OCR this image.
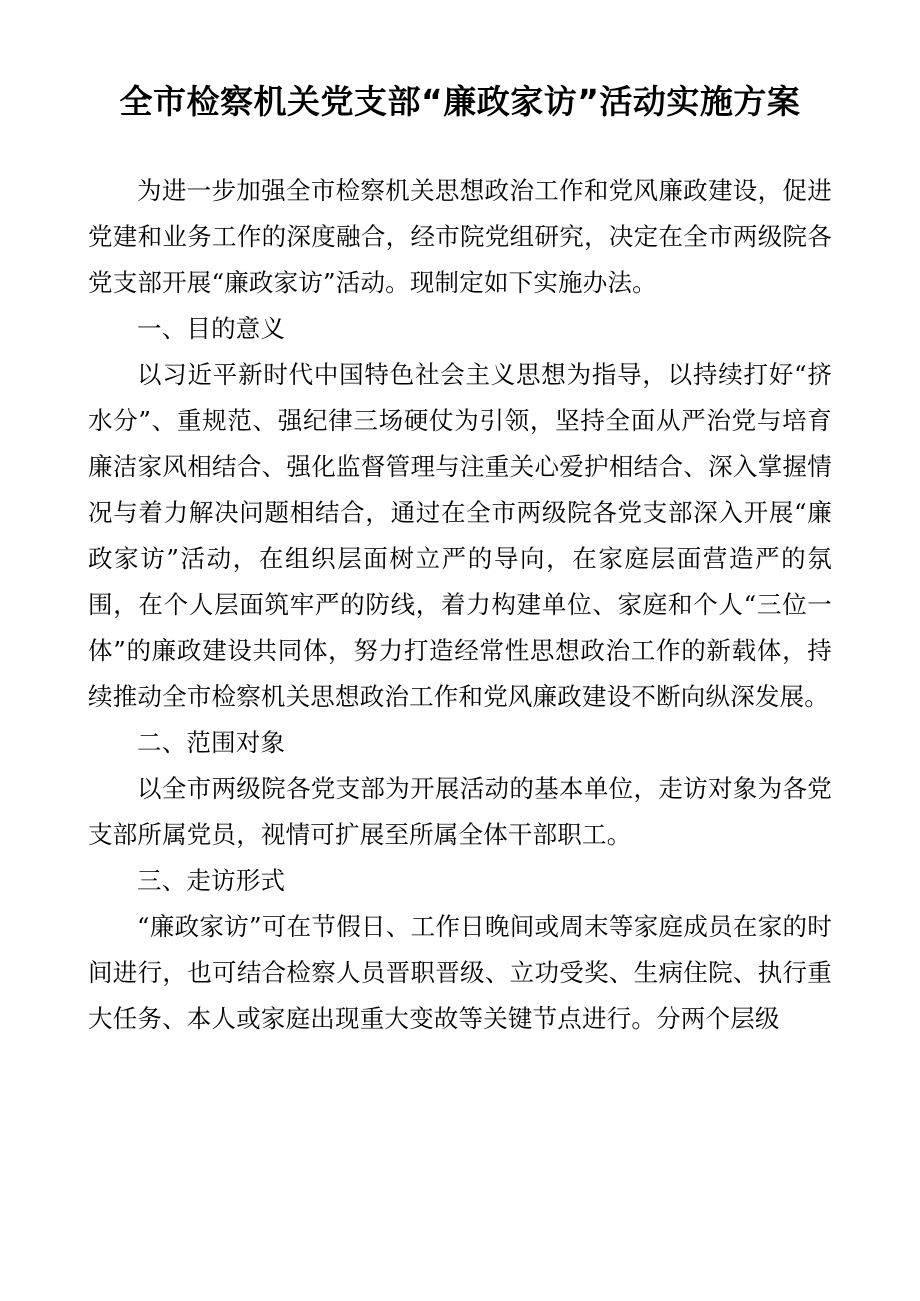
全市检察机关党支部“廉政家访”活动实施方案

为进一步加强全市检察机关思想政治工作和党风廉政建设，促进党建和业务工作的深度融合，经市院党组研究，决定在全市两级院各党支部开展“廉政家访”活动。现制定如下实施办法。

一、目的意义

以习近平新时代中国特色社会主义思想为指导，以持续打好“挤水分”、重规范、强纪律三场硬仗为引领，坚持全面从严治党与培育廉洁家风相结合、强化监督管理与注重关心爱护相结合、深入掌握情况与着力解决问题相结合，通过在全市两级院各党支部深入开展“廉政家访”活动，在组织层面树立严的导向，在家庭层面营造严的氛围，在个人层面筑牢严的防线，着力构建单位、家庭和个人“三位一体”的廉政建设共同体，努力打造经常性思想政治工作的新载体，持续推动全市检察机关思想政治工作和党风廉政建设不断向纵深发展。

二、范围对象

以全市两级院各党支部为开展活动的基本单位，走访对象为各党支部所属党员，视情可扩展至所属全体干部职工。

三、走访形式

“廉政家访”可在节假日、工作日晚间或周末等家庭成员在家的时间进行，也可结合检察人员晋职晋级、立功受奖、生病住院、执行重大任务、本人或家庭出现重大变故等关键节点进行。分两个层级
